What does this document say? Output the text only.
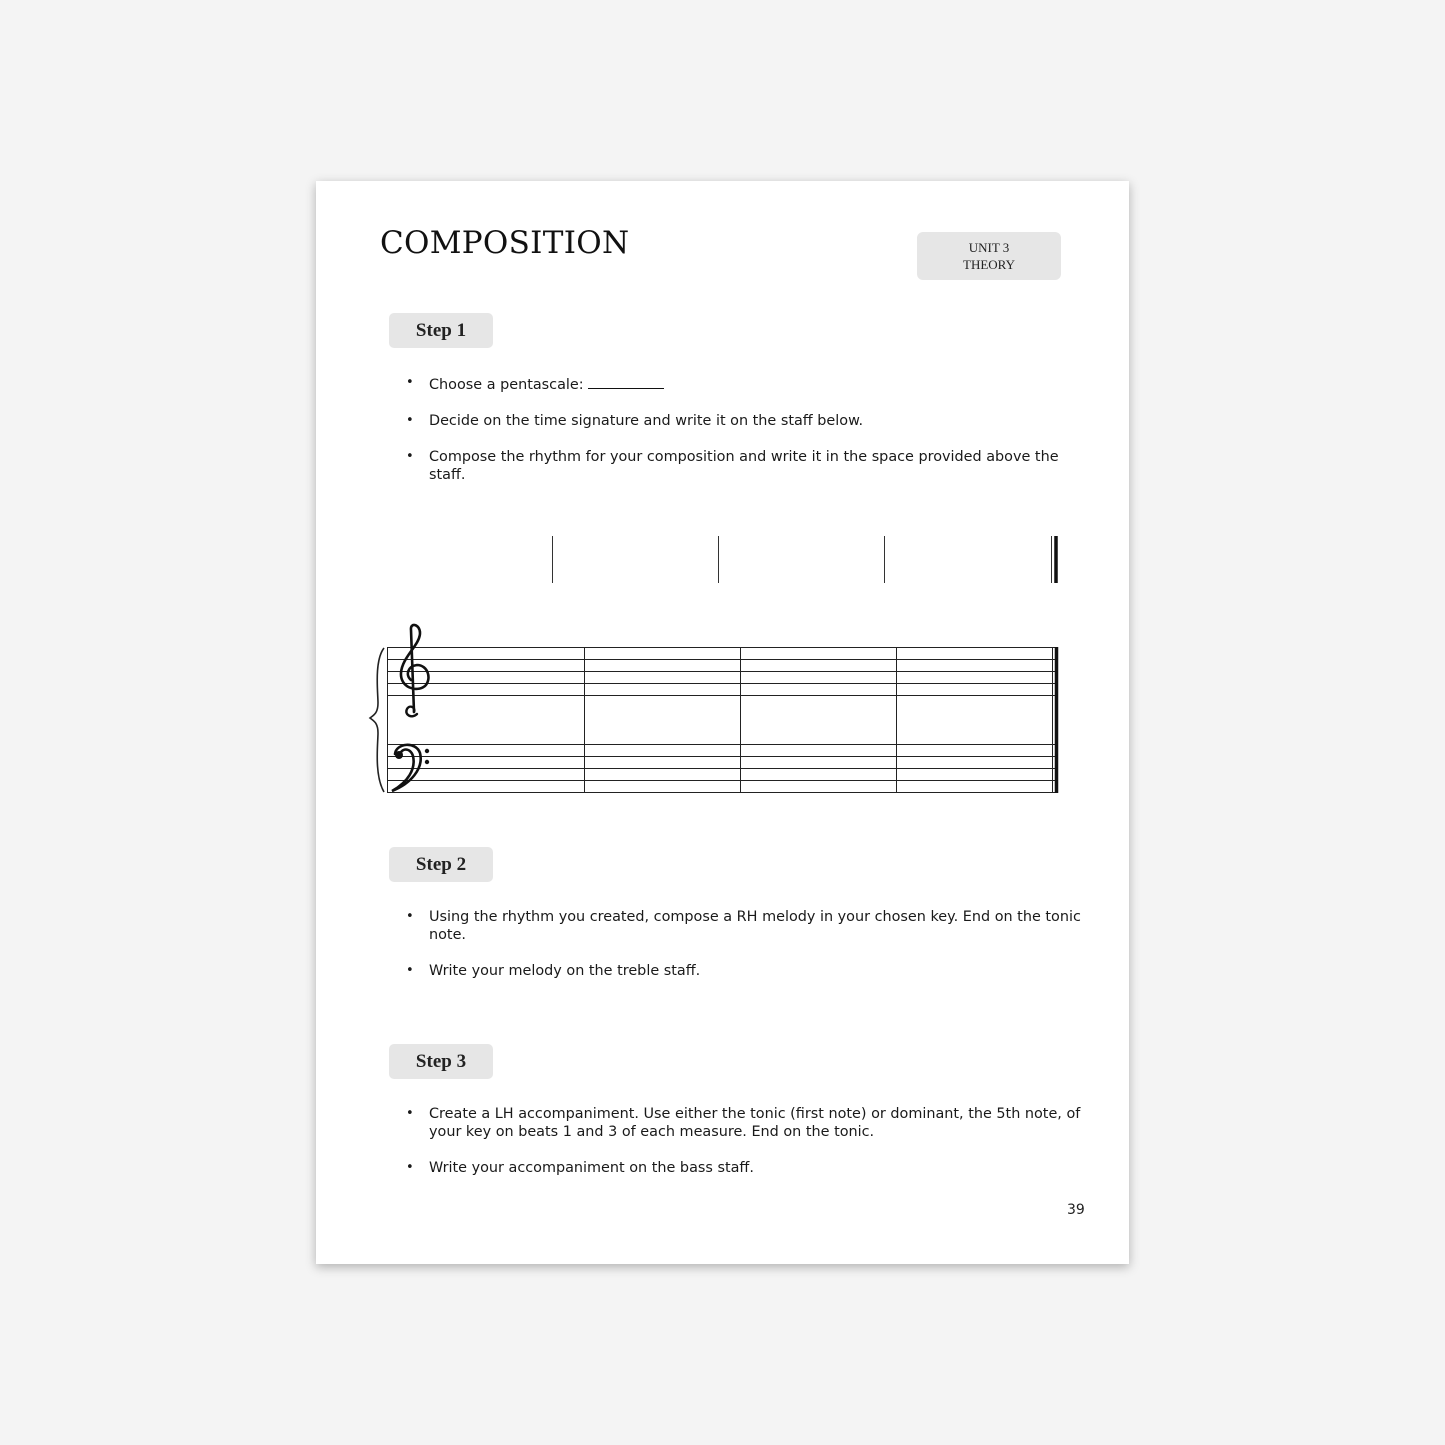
COMPOSITION	UNIT 3
THEORY
Step 1
• Choose a pentascale:
• Decide on the time signature and write it on the staff below.
• Compose the rhythm for your composition and write it in the space provided above the staff.
Step 2
• Using the rhythm you created, compose a RH melody in your chosen key. End on the tonic note.
• Write your melody on the treble staff.
Step 3
• Create a LH accompaniment. Use either the tonic (first note) or dominant, the 5th note, of your key on beats 1 and 3 of each measure. End on the tonic.
• Write your accompaniment on the bass staff.
39
